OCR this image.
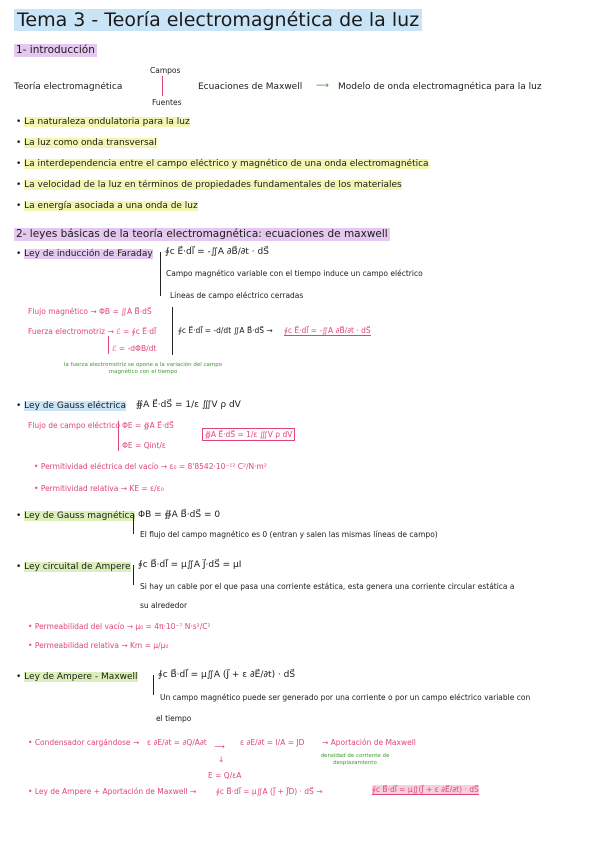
Tema 3 - Teoría electromagnética de la luz
1- introducción
Teoría electromagnética
Campos
Fuentes
Ecuaciones de Maxwell ⟶ Modelo de onda electromagnética para la luz
• La naturaleza ondulatoria para la luz
• La luz como onda transversal
• La interdependencia entre el campo eléctrico y magnético de una onda electromagnética
• La velocidad de la luz en términos de propiedades fundamentales de los materiales
• La energía asociada a una onda de luz
2- leyes básicas de la teoría electromagnética: ecuaciones de maxwell
• Ley de inducción de Faraday ∮c E⃗·dl⃗ = -∬A ∂B⃗/∂t · dS⃗
Campo magnético variable con el tiempo induce un campo eléctrico
Líneas de campo eléctrico cerradas
Flujo magnético → ΦB = ∬A B⃗·dS⃗
Fuerza electromotriz → ℰ = ∮c E⃗·dl⃗
ℰ = -dΦB/dt
∮c E⃗·dl⃗ = -d/dt ∬A B⃗·dS⃗ → ∮c E⃗·dl⃗ = -∬A ∂B⃗/∂t · dS⃗
la fuerza electromotriz se opone a la variación del campo magnético con el tiempo
• Ley de Gauss eléctrica ∯A E⃗·dS⃗ = 1/ε ∭V ρ dV
Flujo de campo eléctrico ΦE = ∯A E⃗·dS⃗
ΦE = Qint/ε
∯A E⃗·dS⃗ = 1/ε ∭V ρ dV
• Permitividad eléctrica del vacío → ε₀ = 8'8542·10⁻¹² C²/N·m²
• Permitividad relativa → KE = ε/ε₀
• Ley de Gauss magnética ΦB = ∯A B⃗·dS⃗ = 0
El flujo del campo magnético es 0 (entran y salen las mismas líneas de campo)
• Ley circuital de Ampere ∮c B⃗·dl⃗ = μ∬A J⃗·dS⃗ = μI
Si hay un cable por el que pasa una corriente estática, esta genera una corriente circular estática a
su alrededor
• Permeabilidad del vacío → μ₀ = 4π·10⁻⁷ N·s²/C²
• Permeabilidad relativa → Km = μ/μ₀
• Ley de Ampere - Maxwell ∮c B⃗·dl⃗ = μ∬A (J⃗ + ε ∂E⃗/∂t) · dS⃗
Un campo magnético puede ser generado por una corriente o por un campo eléctrico variable con
el tiempo
• Condensador cargándose → ε ∂E/∂t = ∂Q/A∂t ⟶
↓
E = Q/εA
ε ∂E/∂t = I/A = JD → Aportación de Maxwell
densidad de corriente de desplazamiento
• Ley de Ampere + Aportación de Maxwell →	∮c B⃗·dl⃗ = μ∬A (J⃗ + J⃗D) · dS⃗ →	∮c B⃗·dl⃗ = μ∬(J⃗ + ε ∂E⃗/∂t) · dS⃗
